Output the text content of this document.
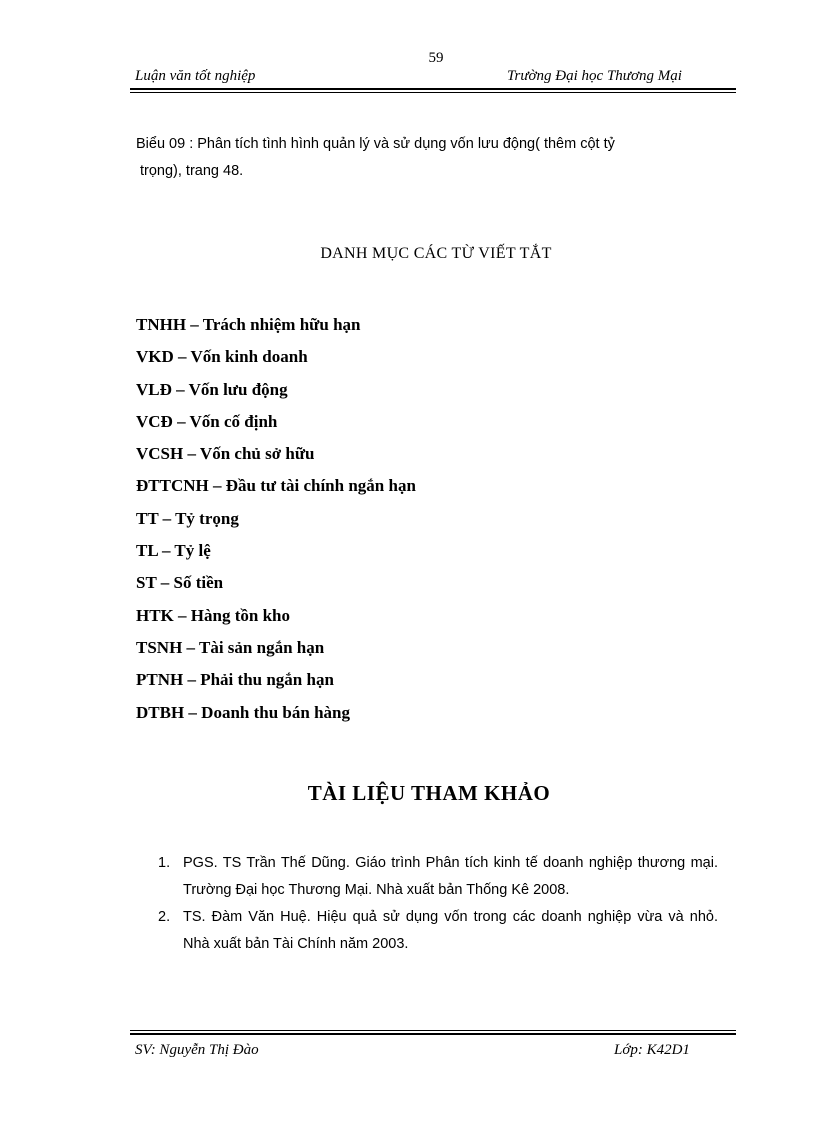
59
Luận văn tốt nghiệp	Trường Đại học Thương Mại
Biểu 09 : Phân tích tình hình quản lý và sử dụng vốn lưu động( thêm cột tỷ
trọng), trang 48.
DANH MỤC CÁC TỪ VIẾT TẮT
TNHH – Trách nhiệm hữu hạn
VKD – Vốn kinh doanh
VLĐ – Vốn lưu động
VCĐ – Vốn cố định
VCSH – Vốn chủ sở hữu
ĐTTCNH – Đầu tư tài chính ngắn hạn
TT – Tỷ trọng
TL – Tỷ lệ
ST – Số tiền
HTK – Hàng tồn kho
TSNH – Tài sản ngắn hạn
PTNH – Phải thu ngắn hạn
DTBH – Doanh thu bán hàng
TÀI LIỆU THAM KHẢO
1. PGS. TS Trần Thế Dũng. Giáo trình Phân tích kinh tế doanh nghiệp thương mại. Trường Đại học Thương Mại. Nhà xuất bản Thống Kê 2008.
2. TS. Đàm Văn Huệ. Hiệu quả sử dụng vốn trong các doanh nghiệp vừa và nhỏ. Nhà xuất bản Tài Chính năm 2003.
SV: Nguyễn Thị Đào	Lớp: K42D1
